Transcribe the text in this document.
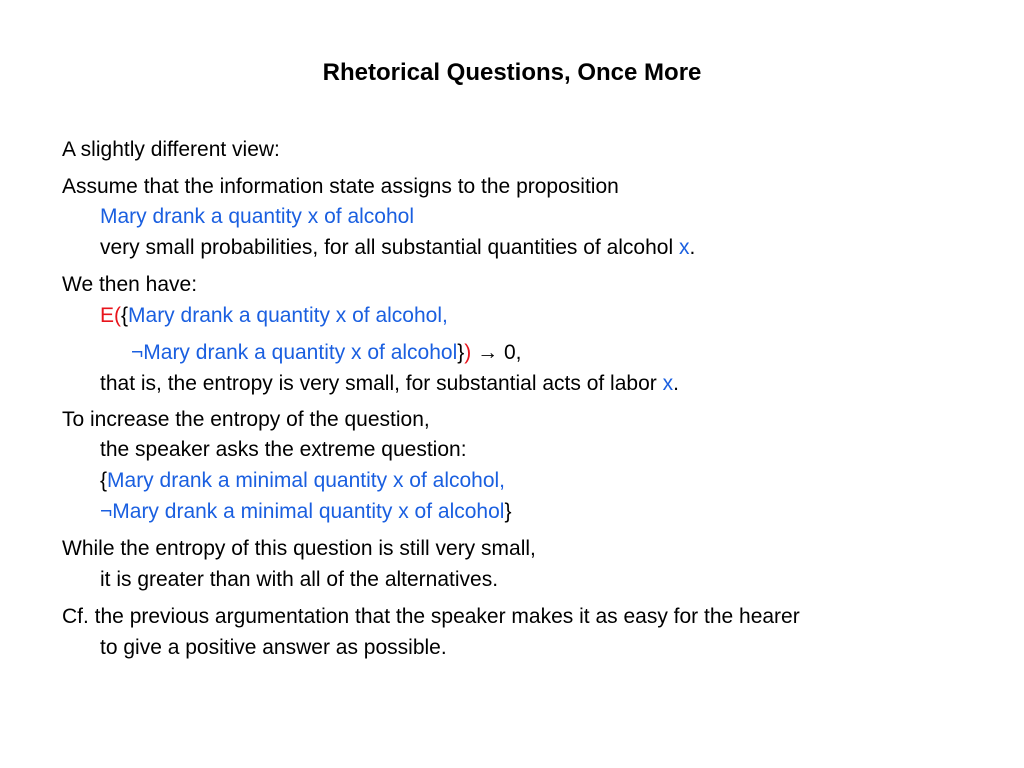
Rhetorical Questions, Once More
A slightly different view:
Assume that the information state assigns to the proposition
Mary drank a quantity x of alcohol
very small probabilities, for all substantial quantities of alcohol x.
We then have:
E({Mary drank a quantity x of alcohol,
¬Mary drank a quantity x of alcohol}) → 0,
that is, the entropy is very small, for substantial acts of labor x.
To increase the entropy of the question,
the speaker asks the extreme question:
{Mary drank a minimal quantity x of alcohol,
¬Mary drank a minimal quantity x of alcohol}
While the entropy of this question is still very small,
it is greater than with all of the alternatives.
Cf. the previous argumentation that the speaker makes it as easy for the hearer
to give a positive answer as possible.
